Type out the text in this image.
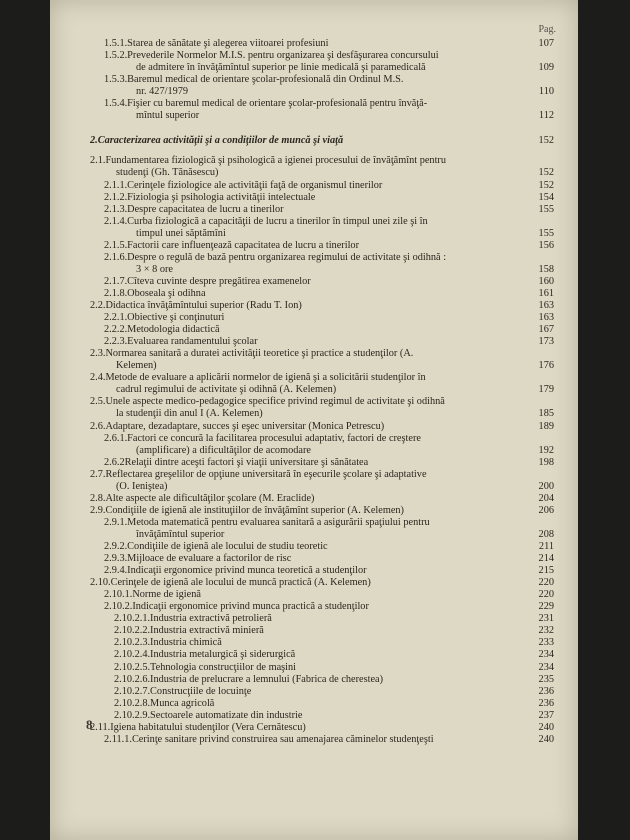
Pag.
8
1.5.1.Starea de sănătate şi alegerea viitoarei profesiuni	107
1.5.2.Prevederile Normelor M.I.S. pentru organizarea şi desfăşurarea concursului
de admitere în învăţămîntul superior pe linie medicală şi paramedicală	109
1.5.3.Baremul medical de orientare şcolar-profesională din Ordinul M.S.
nr. 427/1979	110
1.5.4.Fişier cu baremul medical de orientare şcolar-profesională pentru învăţă-
mîntul superior	112
2.Caracterizarea activităţii şi a condiţiilor de muncă şi viaţă	152
2.1.Fundamentarea fiziologică şi psihologică a igienei procesului de învăţămînt pentru
studenţi (Gh. Tănăsescu)	152
2.1.1.Cerinţele fiziologice ale activităţii faţă de organismul tinerilor	152
2.1.2.Fiziologia şi psihologia activităţii intelectuale	154
2.1.3.Despre capacitatea de lucru a tinerilor	155
2.1.4.Curba fiziologică a capacităţii de lucru a tinerilor în timpul unei zile şi în
timpul unei săptămîni	155
2.1.5.Factorii care influenţează capacitatea de lucru a tinerilor	156
2.1.6.Despre o regulă de bază pentru organizarea regimului de activitate şi odihnă :
3 × 8 ore	158
2.1.7.Cîteva cuvinte despre pregătirea examenelor	160
2.1.8.Oboseala şi odihna	161
2.2.Didactica învăţămîntului superior (Radu T. Ion)	163
2.2.1.Obiective şi conţinuturi	163
2.2.2.Metodologia didactică	167
2.2.3.Evaluarea randamentului şcolar	173
2.3.Normarea sanitară a duratei activităţii teoretice şi practice a studenţilor (A.
Kelemen)	176
2.4.Metode de evaluare a aplicării normelor de igienă şi a solicitării studenţilor în
cadrul regimului de activitate şi odihnă (A. Kelemen)	179
2.5.Unele aspecte medico-pedagogice specifice privind regimul de activitate şi odihnă
la studenţii din anul I (A. Kelemen)	185
2.6.Adaptare, dezadaptare, succes şi eşec universitar (Monica Petrescu)	189
2.6.1.Factori ce concură la facilitarea procesului adaptativ, factori de creştere
(amplificare) a dificultăţilor de acomodare	192
2.6.2Relaţii dintre aceşti factori şi viaţii universitare şi sănătatea	198
2.7.Reflectarea greşelilor de opţiune universitară în eşecurile şcolare şi adaptative
(O. Ieniştea)	200
2.8.Alte aspecte ale dificultăţilor şcolare (M. Eraclide)	204
2.9.Condiţiile de igienă ale instituţiilor de învăţămînt superior (A. Kelemen)	206
2.9.1.Metoda matematică pentru evaluarea sanitară a asigurării spaţiului pentru
învăţămîntul superior	208
2.9.2.Condiţiile de igienă ale locului de studiu teoretic	211
2.9.3.Mijloace de evaluare a factorilor de risc	214
2.9.4.Indicaţii ergonomice privind munca teoretică a studenţilor	215
2.10.Cerinţele de igienă ale locului de muncă practică (A. Kelemen)	220
2.10.1.Norme de igienă	220
2.10.2.Indicaţii ergonomice privind munca practică a studenţilor	229
2.10.2.1.Industria extractivă petrolieră	231
2.10.2.2.Industria extractivă minieră	232
2.10.2.3.Industria chimică	233
2.10.2.4.Industria metalurgică şi siderurgică	234
2.10.2.5.Tehnologia construcţiilor de maşini	234
2.10.2.6.Industria de prelucrare a lemnului (Fabrica de cherestea)	235
2.10.2.7.Construcţiile de locuinţe	236
2.10.2.8.Munca agricolă	236
2.10.2.9.Sectoarele automatizate din industrie	237
2.11.Igiena habitatului studenţilor (Vera Cernătescu)	240
2.11.1.Cerinţe sanitare privind construirea sau amenajarea căminelor studenţeşti	240
